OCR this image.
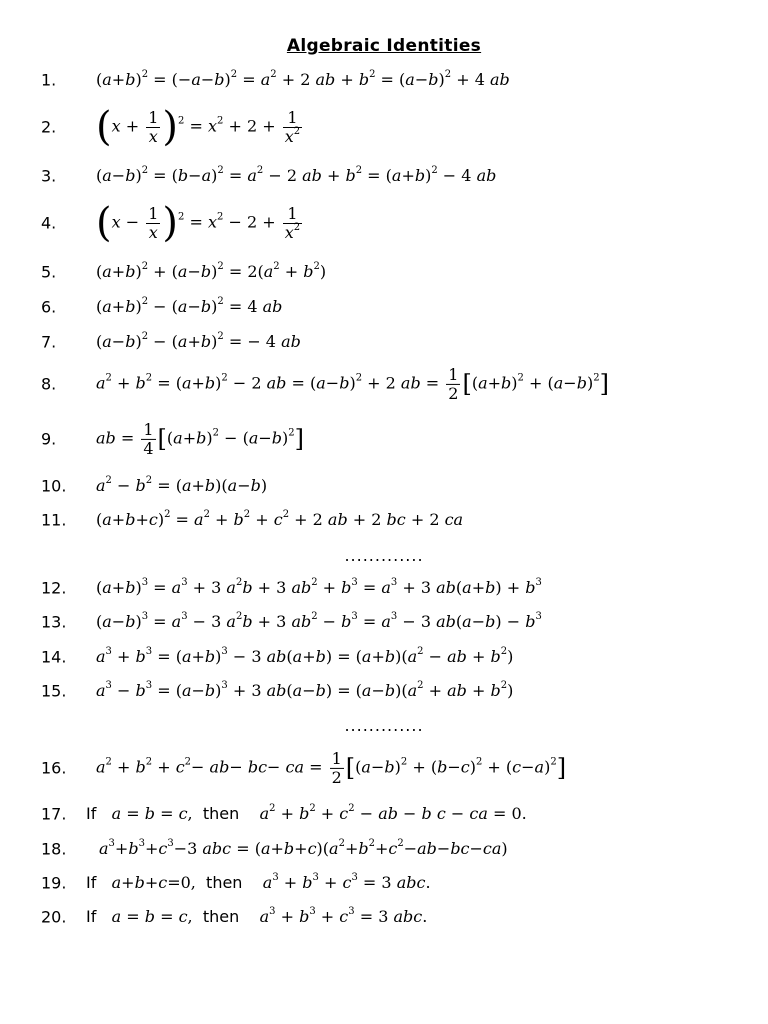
Algebraic Identities
1. $(a+b)^2 = (-a-b)^2 = a^2 + 2$ ab + $b^2 = (a-b)^2 + 4$ ab
2. $(x + \frac{1}{x} )^2 = x^2 + 2 + \frac{1}{x^2}$
3. $(a-b)^2 = (b-a)^2 = a^2 - 2$ ab + $b^2 = (a+b)^2 - 4$ ab
4. $(x - \frac{1}{x} )^2 = x^2 - 2 + \frac{1}{x^2}$
5. $(a+b)^2 + (a-b)^2 = 2(a^2 + b^2)$
6. $(a+b)^2 - (a-b)^2 = 4$ ab
7. $(a-b)^2 - (a+b)^2$ = − 4 ab
8. $a^2 + b^2 = (a+b)^2 - 2$ ab = $(a-b)^2 + 2$ ab = $\frac{1}{2} [(a+b)^2 + (a-b)^2]$
9. ab = $\frac{1}{4} [(a+b)^2 - (a-b)^2]$
10. $a^2 - b^2 = (a+b)(a-b)$
11. $(a+b+c)^2 = a^2 + b^2 + c^2 + 2$ ab + 2 bc + 2 ca
.............
12. $(a+b)^3 = a^3 + 3$ $a^2b + 3$ $ab^2 + b^3 = a^3 + 3$ $ab(a+b) + b^3$
13. $(a-b)^3 = a^3 - 3$ $a^2b + 3$ $ab^2 - b^3 = a^3 - 3$ $ab(a-b) - b^3$
14. $a^3 + b^3 = (a+b)^3 - 3$ $ab(a+b) = (a+b)(a^2$ − ab + $b^2$)
15. $a^3 - b^3 = (a-b)^3 + 3$ $ab(a-b) = (a-b)(a^2$ + ab + $b^2$)
.............
16. $a^2 + b^2 + c^2- ab- bc-$ ca = $\frac{1}{2} [(a-b)^2 + (b-c)^2 + (c-a)^2]$
17. If a = b = c,  then $a^2 + b^2 + c^2$ − ab − b c − ca = 0.
18. $a^3+b^3+c^3-3$ abc = $(a+b+c)(a^2+b^2+c^2-ab-bc-ca)$
19. If a+b+c=0,  then $a^3 + b^3 + c^3 = 3$ abc.
20. If a = b = c,  then $a^3 + b^3 + c^3 = 3$ abc.
